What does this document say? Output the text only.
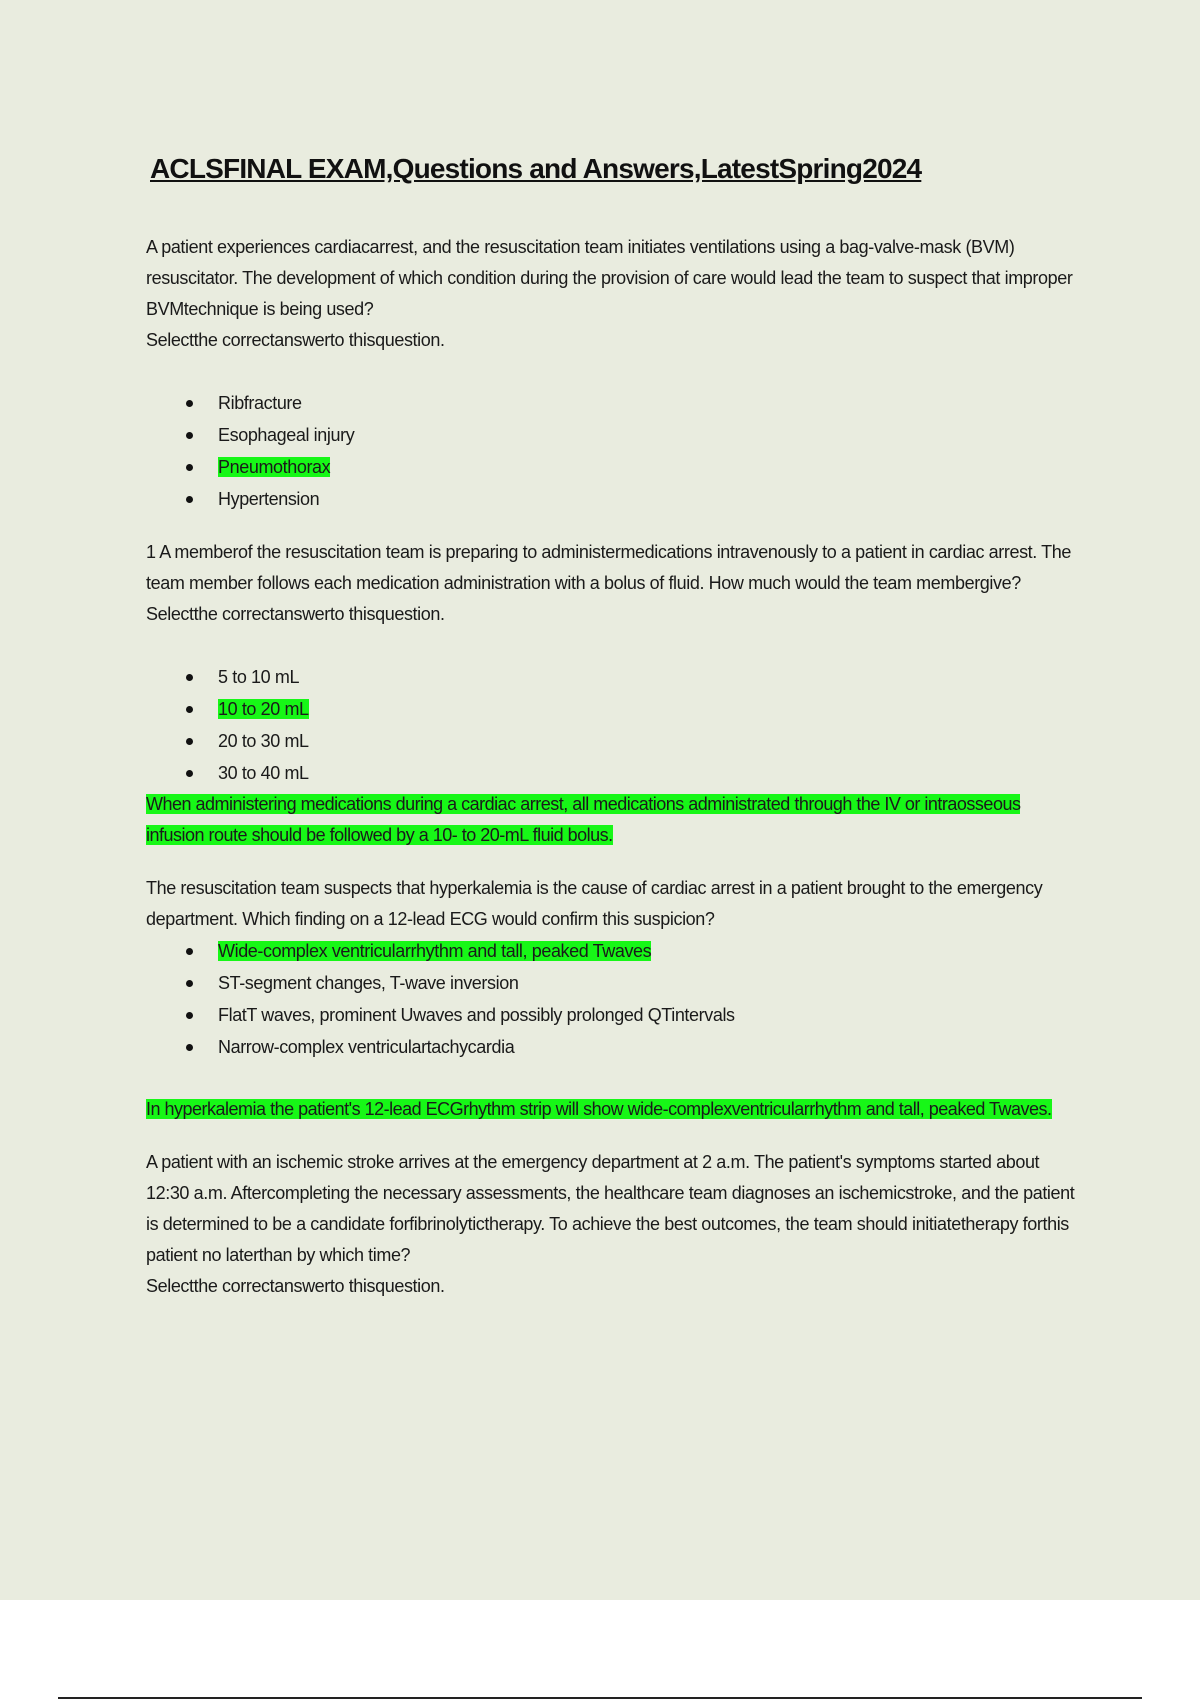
ACLSFINAL EXAM,Questions and Answers,LatestSpring2024

A patient experiences cardiacarrest, and the resuscitation team initiates ventilations using a bag-valve-mask (BVM) resuscitator. The development of which condition during the provision of care would lead the team to suspect that improper BVMtechnique is being used?

Selectthe correctanswerto thisquestion.

Ribfracture
Esophageal injury
Pneumothorax
Hypertension

1 A memberof the resuscitation team is preparing to administermedications intravenously to a patient in cardiac arrest. The team member follows each medication administration with a bolus of fluid. How much would the team membergive?

Selectthe correctanswerto thisquestion.

5 to 10 mL
10 to 20 mL
20 to 30 mL
30 to 40 mL

When administering medications during a cardiac arrest, all medications administrated through the IV or intraosseous infusion route should be followed by a 10- to 20-mL fluid bolus.

The resuscitation team suspects that hyperkalemia is the cause of cardiac arrest in a patient brought to the emergency department. Which finding on a 12-lead ECG would confirm this suspicion?

Wide-complex ventricularrhythm and tall, peaked Twaves
ST-segment changes, T-wave inversion
FlatT waves, prominent Uwaves and possibly prolonged QTintervals
Narrow-complex ventriculartachycardia

In hyperkalemia the patient's 12-lead ECGrhythm strip will show wide-complexventricularrhythm and tall, peaked Twaves.

A patient with an ischemic stroke arrives at the emergency department at 2 a.m. The patient's symptoms started about 12:30 a.m. Aftercompleting the necessary assessments, the healthcare team diagnoses an ischemicstroke, and the patient is determined to be a candidate forfibrinolytictherapy. To achieve the best outcomes, the team should initiatetherapy forthis patient no laterthan by which time?

Selectthe correctanswerto thisquestion.
